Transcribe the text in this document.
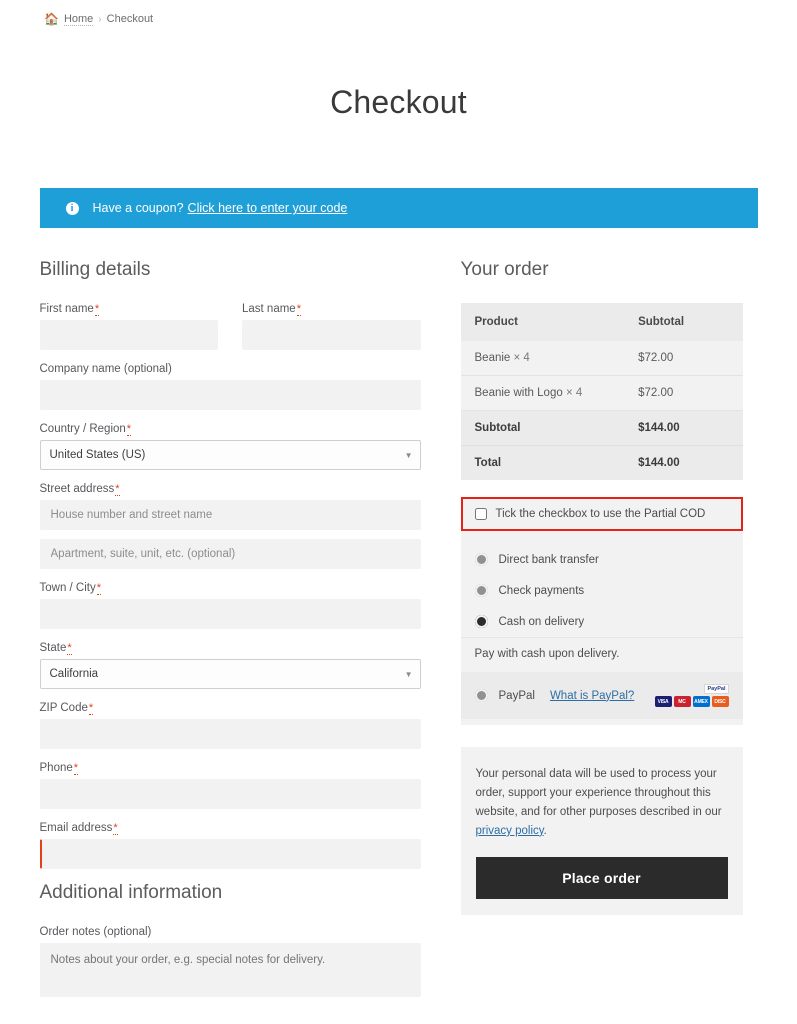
🏠 Home › Checkout
Checkout
i	Have a coupon? Click here to enter your code
Billing details
First name*	Last name*
Company name (optional)
Country / Region*
United States (US)	▼
Street address*
House number and street name Apartment, suite, unit, etc. (optional)
Town / City*
State*
California	▼
ZIP Code*
Phone*
Email address*
Additional information
Order notes (optional)
Notes about your order, e.g. special notes for delivery.
Your order
Product	Subtotal
Beanie × 4	$72.00
Beanie with Logo × 4	$72.00
Subtotal	$144.00
Total	$144.00
Tick the checkbox to use the Partial COD
Direct bank transfer
Check payments
Cash on delivery
Pay with cash upon delivery.
PayPal What is PayPal?
PayPal
VISA	MC	AMEX	DISC

Your personal data will be used to process your order, support your experience throughout this website, and for other purposes described in our privacy policy.

Place order
